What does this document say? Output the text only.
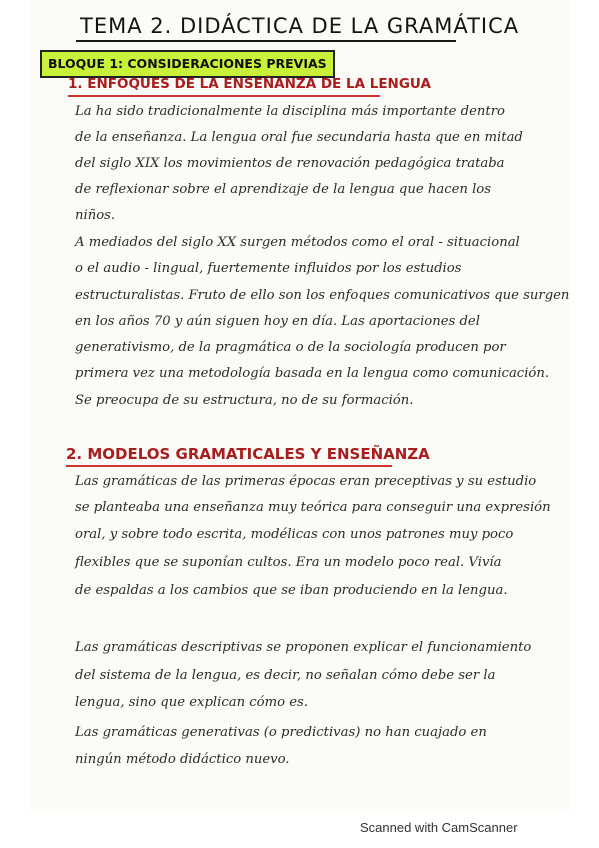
TEMA 2. DIDÁCTICA DE LA GRAMÁTICA
BLOQUE 1: CONSIDERACIONES PREVIAS
1. ENFOQUES DE LA ENSEÑANZA DE LA LENGUA
La ha sido tradicionalmente la disciplina más importante dentro
de la enseñanza. La lengua oral fue secundaria hasta que en mitad
del siglo XIX los movimientos de renovación pedagógica trataba
de reflexionar sobre el aprendizaje de la lengua que hacen los
niños.
A mediados del siglo XX surgen métodos como el oral - situacional
o el audio - lingual, fuertemente influidos por los estudios
estructuralistas. Fruto de ello son los enfoques comunicativos que surgen
en los años 70 y aún siguen hoy en día. Las aportaciones del
generativismo, de la pragmática o de la sociología producen por
primera vez una metodología basada en la lengua como comunicación.
Se preocupa de su estructura, no de su formación.
2. MODELOS GRAMATICALES Y ENSEÑANZA
Las gramáticas de las primeras épocas eran preceptivas y su estudio
se planteaba una enseñanza muy teórica para conseguir una expresión
oral, y sobre todo escrita, modélicas con unos patrones muy poco
flexibles que se suponían cultos. Era un modelo poco real. Vivía
de espaldas a los cambios que se iban produciendo en la lengua.
Las gramáticas descriptivas se proponen explicar el funcionamiento
del sistema de la lengua, es decir, no señalan cómo debe ser la
lengua, sino que explican cómo es.
Las gramáticas generativas (o predictivas) no han cuajado en
ningún método didáctico nuevo.
Scanned with CamScanner
